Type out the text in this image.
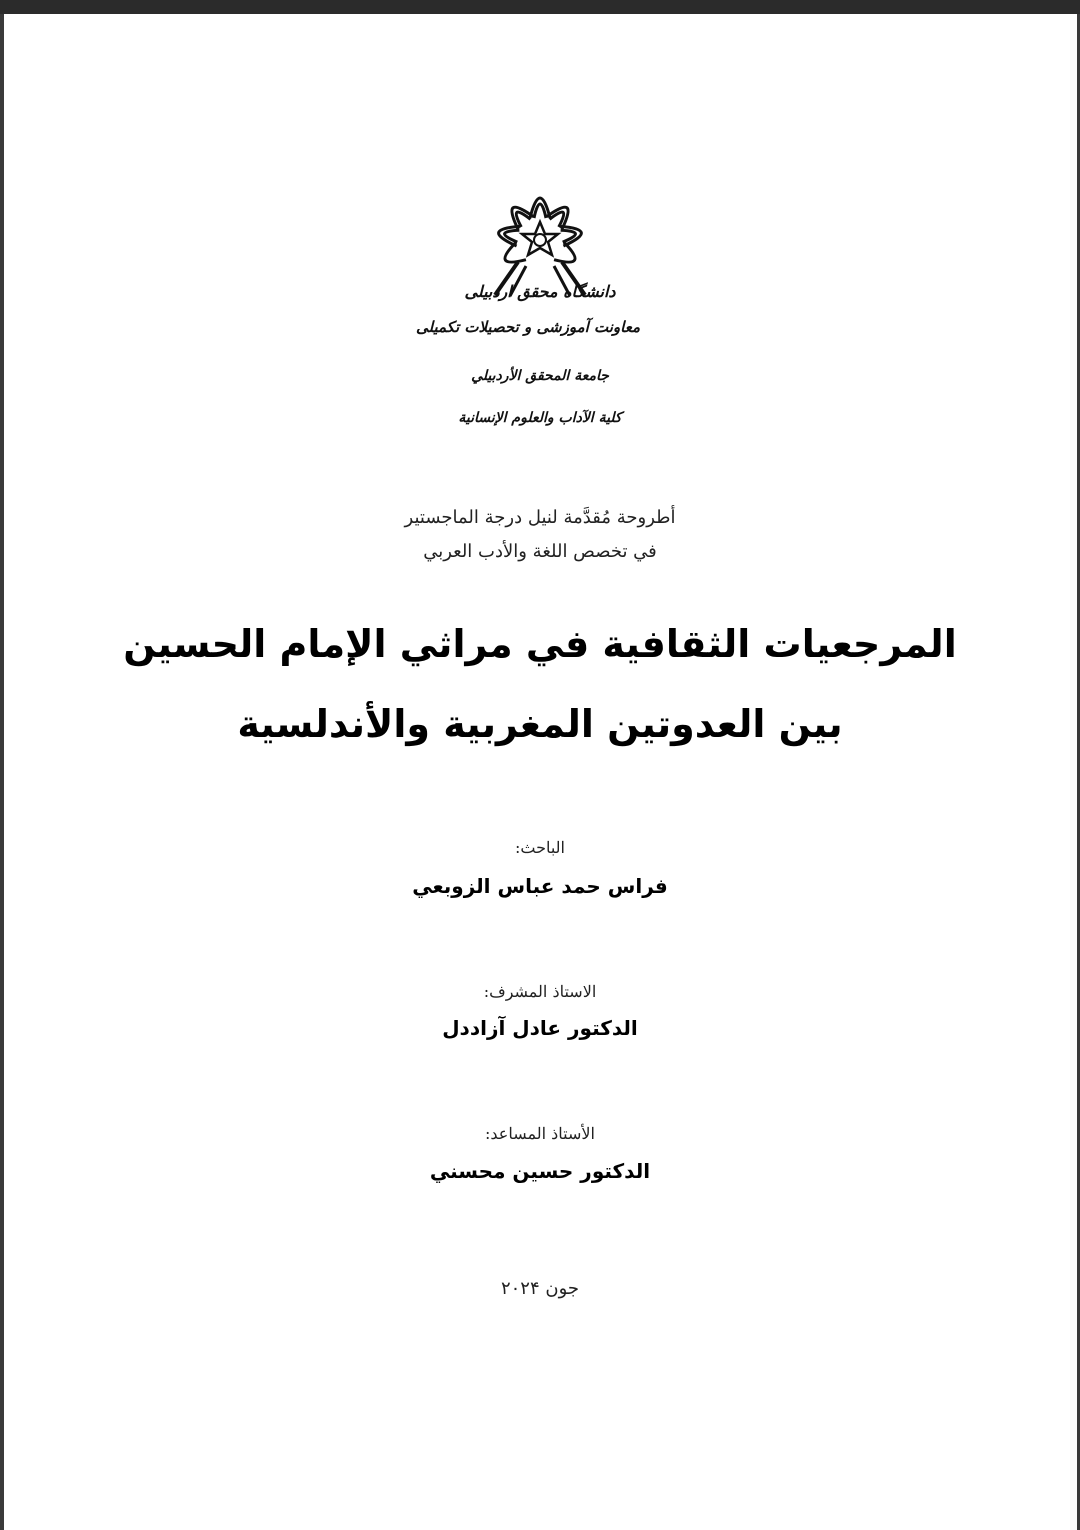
دانشگاه محقق اردبیلی
معاونت آموزشی و تحصیلات تکمیلی
جامعة المحقق الأردبيلي
كلية الآداب والعلوم الإنسانية
أطروحة مُقدَّمة لنيل درجة الماجستير
في تخصص اللغة والأدب العربي
المرجعيات الثقافية في مراثي الإمام الحسين
بين العدوتين المغربية والأندلسية
الباحث:
فراس حمد عباس الزوبعي
الاستاذ المشرف:
الدكتور عادل آزاددل
الأستاذ المساعد:
الدكتور حسين محسني
جون ۲۰۲۴
